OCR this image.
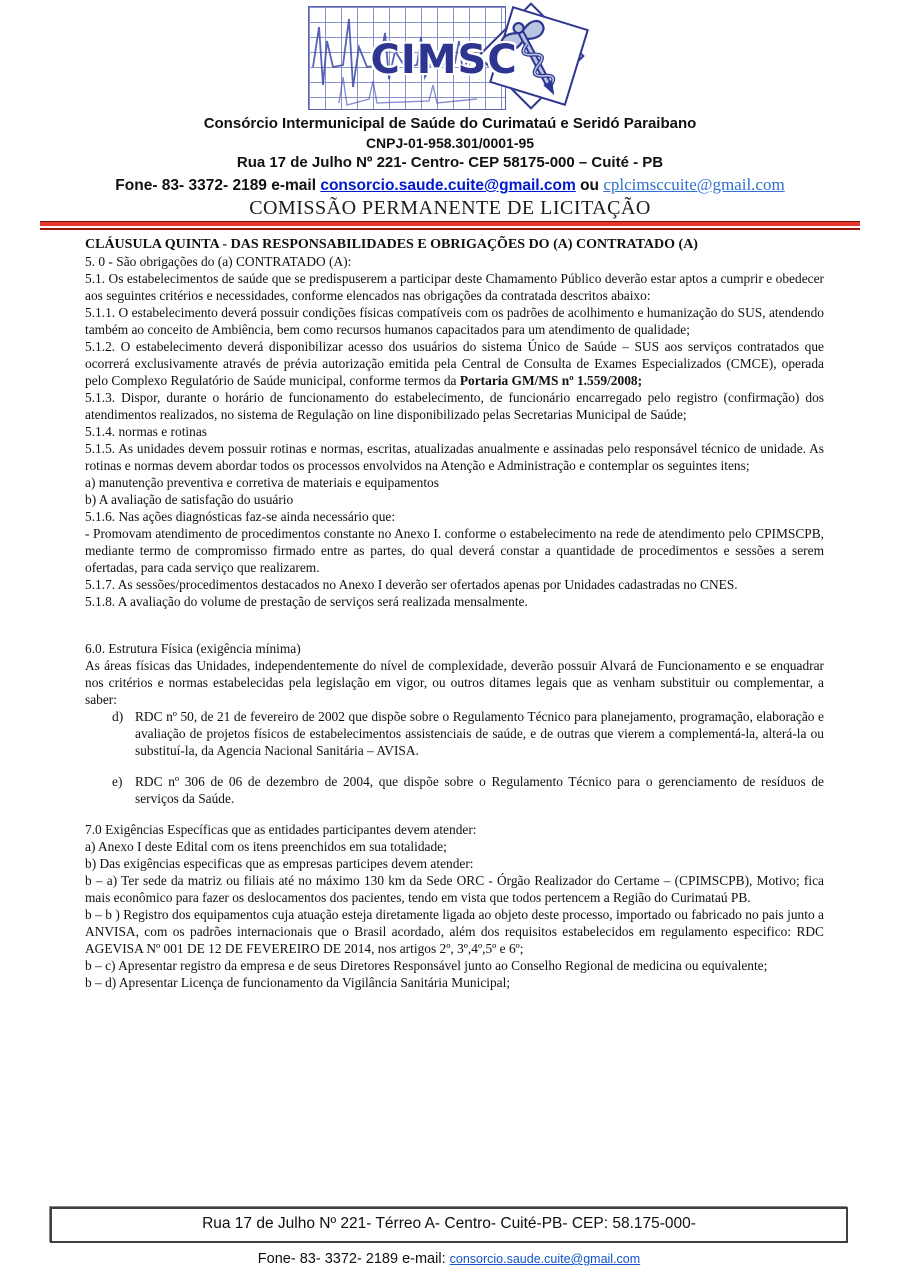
CIMSC
Consórcio Intermunicipal de Saúde do Curimataú e Seridó Paraibano
CNPJ-01-958.301/0001-95
Rua 17 de Julho Nº 221- Centro- CEP 58175-000 – Cuité - PB
Fone- 83- 3372- 2189 e-mail consorcio.saude.cuite@gmail.com ou cplcimsccuite@gmail.com
COMISSÃO PERMANENTE DE LICITAÇÃO

CLÁUSULA QUINTA - DAS RESPONSABILIDADES E OBRIGAÇÕES DO (A) CONTRATADO (A)

5. 0 - São obrigações do (a) CONTRATADO (A):

5.1. Os estabelecimentos de saúde que se predispuserem a participar deste Chamamento Público deverão estar aptos a cumprir e obedecer aos seguintes critérios e necessidades, conforme elencados nas obrigações da contratada descritos abaixo:

5.1.1. O estabelecimento deverá possuir condições físicas compatíveis com os padrões de acolhimento e humanização do SUS, atendendo também ao conceito de Ambiência, bem como recursos humanos capacitados para um atendimento de qualidade;

5.1.2. O estabelecimento deverá disponibilizar acesso dos usuários do sistema Único de Saúde – SUS aos serviços contratados que ocorrerá exclusivamente através de prévia autorização emitida pela Central de Consulta de Exames Especializados (CMCE), operada pelo Complexo Regulatório de Saúde municipal, conforme termos da Portaria GM/MS nº 1.559/2008;

5.1.3. Dispor, durante o horário de funcionamento do estabelecimento, de funcionário encarregado pelo registro (confirmação) dos atendimentos realizados, no sistema de Regulação on line disponibilizado pelas Secretarias Municipal de Saúde;

5.1.4. normas e rotinas

5.1.5. As unidades devem possuir rotinas e normas, escritas, atualizadas anualmente e assinadas pelo responsável técnico de unidade. As rotinas e normas devem abordar todos os processos envolvidos na Atenção e Administração e contemplar os seguintes itens;

a) manutenção preventiva e corretiva de materiais e equipamentos

b) A avaliação de satisfação do usuário

5.1.6. Nas ações diagnósticas faz-se ainda necessário que:

- Promovam atendimento de procedimentos constante no Anexo I. conforme o estabelecimento na rede de atendimento pelo CPIMSCPB, mediante termo de compromisso firmado entre as partes, do qual deverá constar a quantidade de procedimentos e sessões a serem ofertadas, para cada serviço que realizarem.

5.1.7. As sessões/procedimentos destacados no Anexo I deverão ser ofertados apenas por Unidades cadastradas no CNES.

5.1.8. A avaliação do volume de prestação de serviços será realizada mensalmente.

6.0. Estrutura Física (exigência mínima)

As áreas físicas das Unidades, independentemente do nível de complexidade, deverão possuir Alvará de Funcionamento e se enquadrar nos critérios e normas estabelecidas pela legislação em vigor, ou outros ditames legais que as venham substituir ou complementar, a saber:

d) RDC nº 50, de 21 de fevereiro de 2002 que dispõe sobre o Regulamento Técnico para planejamento, programação, elaboração e avaliação de projetos físicos de estabelecimentos assistenciais de saúde, e de outras que vierem a complementá-la, alterá-la ou substituí-la, da Agencia Nacional Sanitária – AVISA.
e) RDC nº 306 de 06 de dezembro de 2004, que dispõe sobre o Regulamento Técnico para o gerenciamento de resíduos de serviços da Saúde.

7.0 Exigências Específicas que as entidades participantes devem atender:

a) Anexo I deste Edital com os itens preenchidos em sua totalidade;

b) Das exigências especificas que as empresas participes devem atender:

b – a) Ter sede da matriz ou filiais até no máximo 130 km da Sede ORC - Órgão Realizador do Certame – (CPIMSCPB), Motivo; fica mais econômico para fazer os deslocamentos dos pacientes, tendo em vista que todos pertencem a Região do Curimataú PB.

b – b ) Registro dos equipamentos cuja atuação esteja diretamente ligada ao objeto deste processo, importado ou fabricado no pais junto a ANVISA, com os padrões internacionais que o Brasil acordado, além dos requisitos estabelecidos em regulamento especifico: RDC AGEVISA Nº 001 DE 12 DE FEVEREIRO DE 2014, nos artigos 2º, 3º,4º,5º e 6º;

b – c) Apresentar registro da empresa e de seus Diretores Responsável junto ao Conselho Regional de medicina ou equivalente;

b – d) Apresentar Licença de funcionamento da Vigilância Sanitária Municipal;

Rua 17 de Julho Nº 221- Térreo A- Centro- Cuité-PB- CEP: 58.175-000-
Fone- 83- 3372- 2189 e-mail: consorcio.saude.cuite@gmail.com
